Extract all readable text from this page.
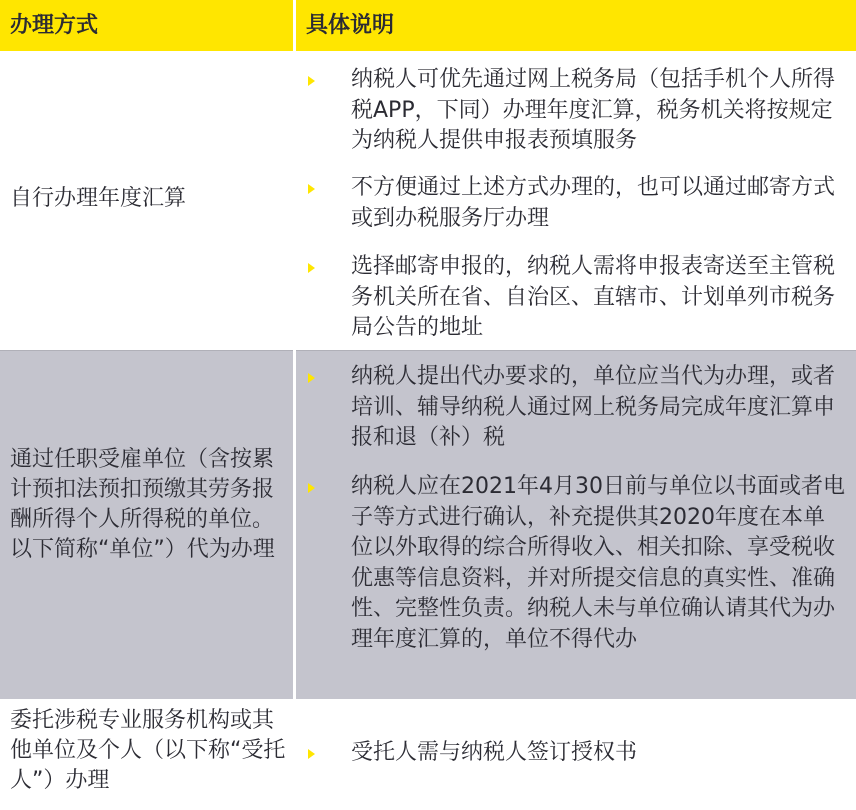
办理方式	具体说明
自行办理年度汇算
纳税人可优先通过网上税务局（包括手机个人所得税APP，下同）办理年度汇算，税务机关将按规定为纳税人提供申报表预填服务
不方便通过上述方式办理的，也可以通过邮寄方式或到办税服务厅办理
选择邮寄申报的，纳税人需将申报表寄送至主管税务机关所在省、自治区、直辖市、计划单列市税务局公告的地址
通过任职受雇单位（含按累计预扣法预扣预缴其劳务报酬所得个人所得税的单位。以下简称“单位”）代为办理
纳税人提出代办要求的，单位应当代为办理，或者培训、辅导纳税人通过网上税务局完成年度汇算申报和退（补）税
纳税人应在2021年4月30日前与单位以书面或者电子等方式进行确认，补充提供其2020年度在本单位以外取得的综合所得收入、相关扣除、享受税收优惠等信息资料，并对所提交信息的真实性、准确性、完整性负责。纳税人未与单位确认请其代为办理年度汇算的，单位不得代办
委托涉税专业服务机构或其他单位及个人（以下称“受托人”）办理
受托人需与纳税人签订授权书
